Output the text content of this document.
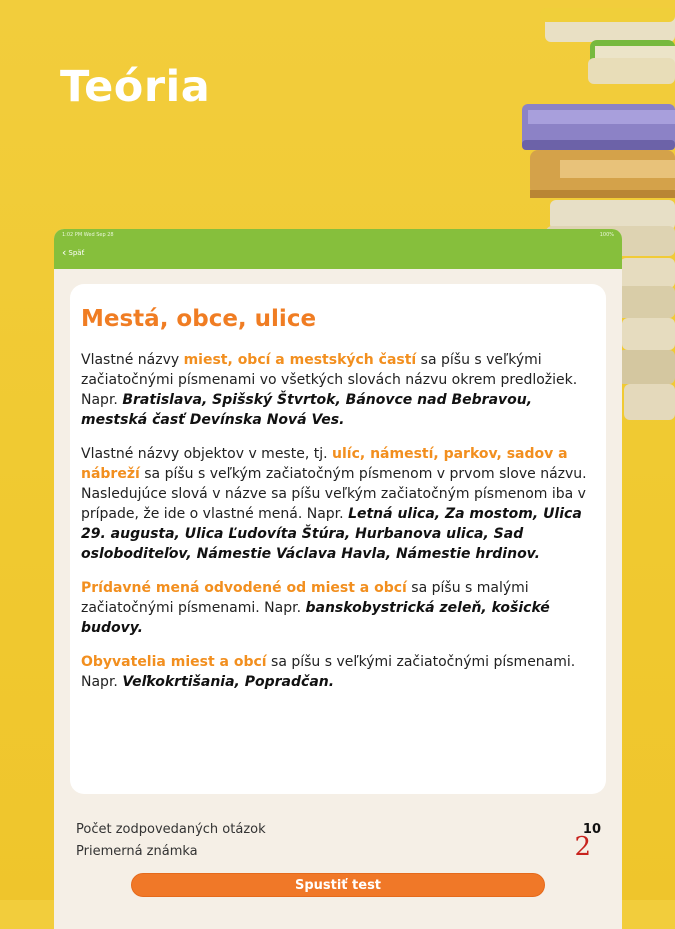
Teória
1:02 PM Wed Sep 28	100%
‹ Späť
Mestá, obce, ulice

Vlastné názvy miest, obcí a mestských častí sa píšu s veľkými začiatočnými písmenami vo všetkých slovách názvu okrem predložiek. Napr. Bratislava, Spišský Štvrtok, Bánovce nad Bebravou, mestská časť Devínska Nová Ves.

Vlastné názvy objektov v meste, tj. ulíc, námestí, parkov, sadov a nábreží sa píšu s veľkým začiatočným písmenom v prvom slove názvu. Nasledujúce slová v názve sa píšu veľkým začiatočným písmenom iba v prípade, že ide o vlastné mená. Napr. Letná ulica, Za mostom, Ulica 29. augusta, Ulica Ľudovíta Štúra, Hurbanova ulica, Sad osloboditeľov, Námestie Václava Havla, Námestie hrdinov.

Prídavné mená odvodené od miest a obcí sa píšu s malými začiatočnými písmenami. Napr. banskobystrická zeleň, košické budovy.

Obyvatelia miest a obcí sa píšu s veľkými začiatočnými písmenami. Napr. Veľkokrtišania, Popradčan.

Počet zodpovedaných otázok	10
Priemerná známka	2
Spustiť test
